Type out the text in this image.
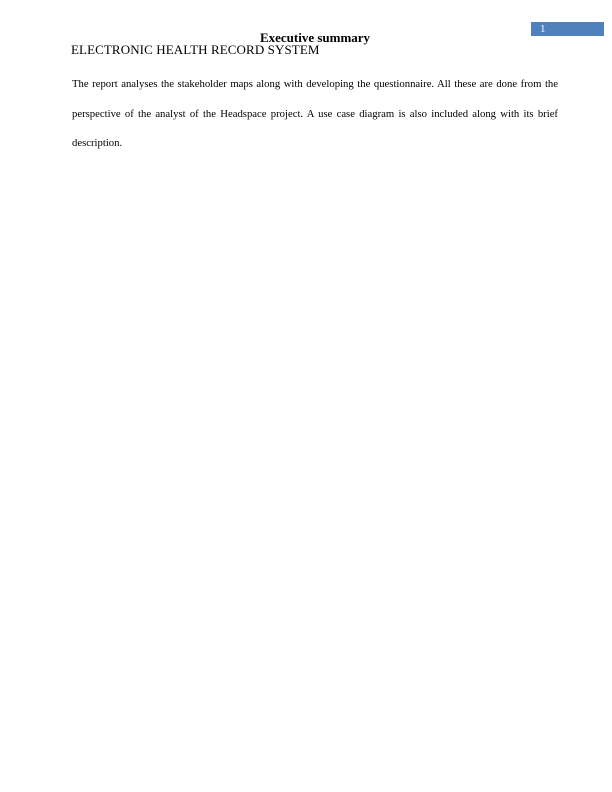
1
Executive summary
ELECTRONIC HEALTH RECORD SYSTEM

The report analyses the stakeholder maps along with developing the questionnaire. All these are done from the perspective of the analyst of the Headspace project. A use case diagram is also included along with its brief description.
